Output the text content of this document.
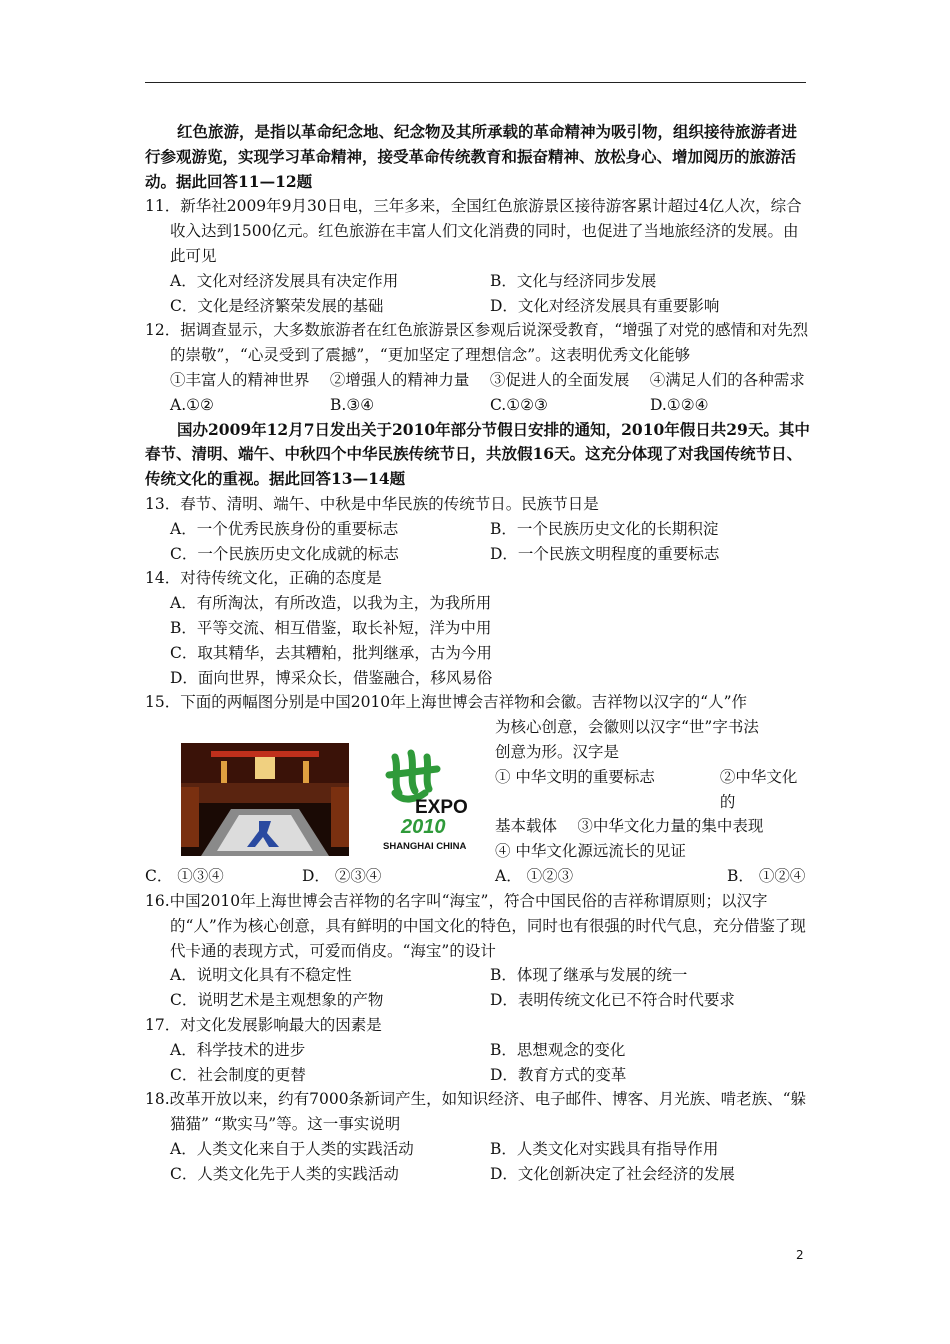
红色旅游，是指以革命纪念地、纪念物及其所承载的革命精神为吸引物，组织接待旅游者进行参观游览，实现学习革命精神，接受革命传统教育和振奋精神、放松身心、增加阅历的旅游活动。据此回答11—12题

11．新华社2009年9月30日电，三年多来，全国红色旅游景区接待游客累计超过4亿人次，综合收入达到1500亿元。红色旅游在丰富人们文化消费的同时，也促进了当地旅经济的发展。由此可见
A．文化对经济发展具有决定作用	B．文化与经济同步发展
C．文化是经济繁荣发展的基础	D．文化对经济发展具有重要影响
12．据调查显示，大多数旅游者在红色旅游景区参观后说深受教育，“增强了对党的感情和对先烈的崇敬”，“心灵受到了震撼”，“更加坚定了理想信念”。这表明优秀文化能够
①丰富人的精神世界　 ②增强人的精神力量　 ③促进人的全面发展　 ④满足人们的各种需求
A.①②	B.③④	C.①②③	D.①②④

国办2009年12月7日发出关于2010年部分节假日安排的通知，2010年假日共29天。其中春节、清明、端午、中秋四个中华民族传统节日，共放假16天。这充分体现了对我国传统节日、传统文化的重视。据此回答13—14题

13．春节、清明、端午、中秋是中华民族的传统节日。民族节日是
A．一个优秀民族身份的重要标志	B．一个民族历史文化的长期积淀
C．一个民族历史文化成就的标志	D．一个民族文明程度的重要标志
14．对待传统文化，正确的态度是
A．有所淘汰，有所改造，以我为主，为我所用
B．平等交流、相互借鉴，取长补短，洋为中用
C．取其精华，去其糟粕，批判继承，古为今用
D．面向世界，博采众长，借鉴融合，移风易俗
15．下面的两幅图分别是中国2010年上海世博会吉祥物和会徽。吉祥物以汉字的“人”作
EXPO
2010
SHANGHAI CHINA
为核心创意，会徽则以汉字“世”字书法
创意为形。汉字是
① 中华文明的重要标志	②中华文化的
基本载体　 ③中华文化力量的集中表现
④ 中华文化源远流长的见证
A． ①②③	B． ①②④
C． ①③④	D． ②③④
16.中国2010年上海世博会吉祥物的名字叫“海宝”，符合中国民俗的吉祥称谓原则；以汉字的“人”作为核心创意，具有鲜明的中国文化的特色，同时也有很强的时代气息，充分借鉴了现代卡通的表现方式，可爱而俏皮。“海宝”的设计
A．说明文化具有不稳定性	B．体现了继承与发展的统一
C．说明艺术是主观想象的产物	D．表明传统文化已不符合时代要求
17．对文化发展影响最大的因素是
A．科学技术的进步	B．思想观念的变化
C．社会制度的更替	D．教育方式的变革
18.改革开放以来，约有7000条新词产生，如知识经济、电子邮件、博客、月光族、啃老族、“躲猫猫” “欺实马”等。这一事实说明
A．人类文化来自于人类的实践活动	B．人类文化对实践具有指导作用
C．人类文化先于人类的实践活动	D．文化创新决定了社会经济的发展
2
